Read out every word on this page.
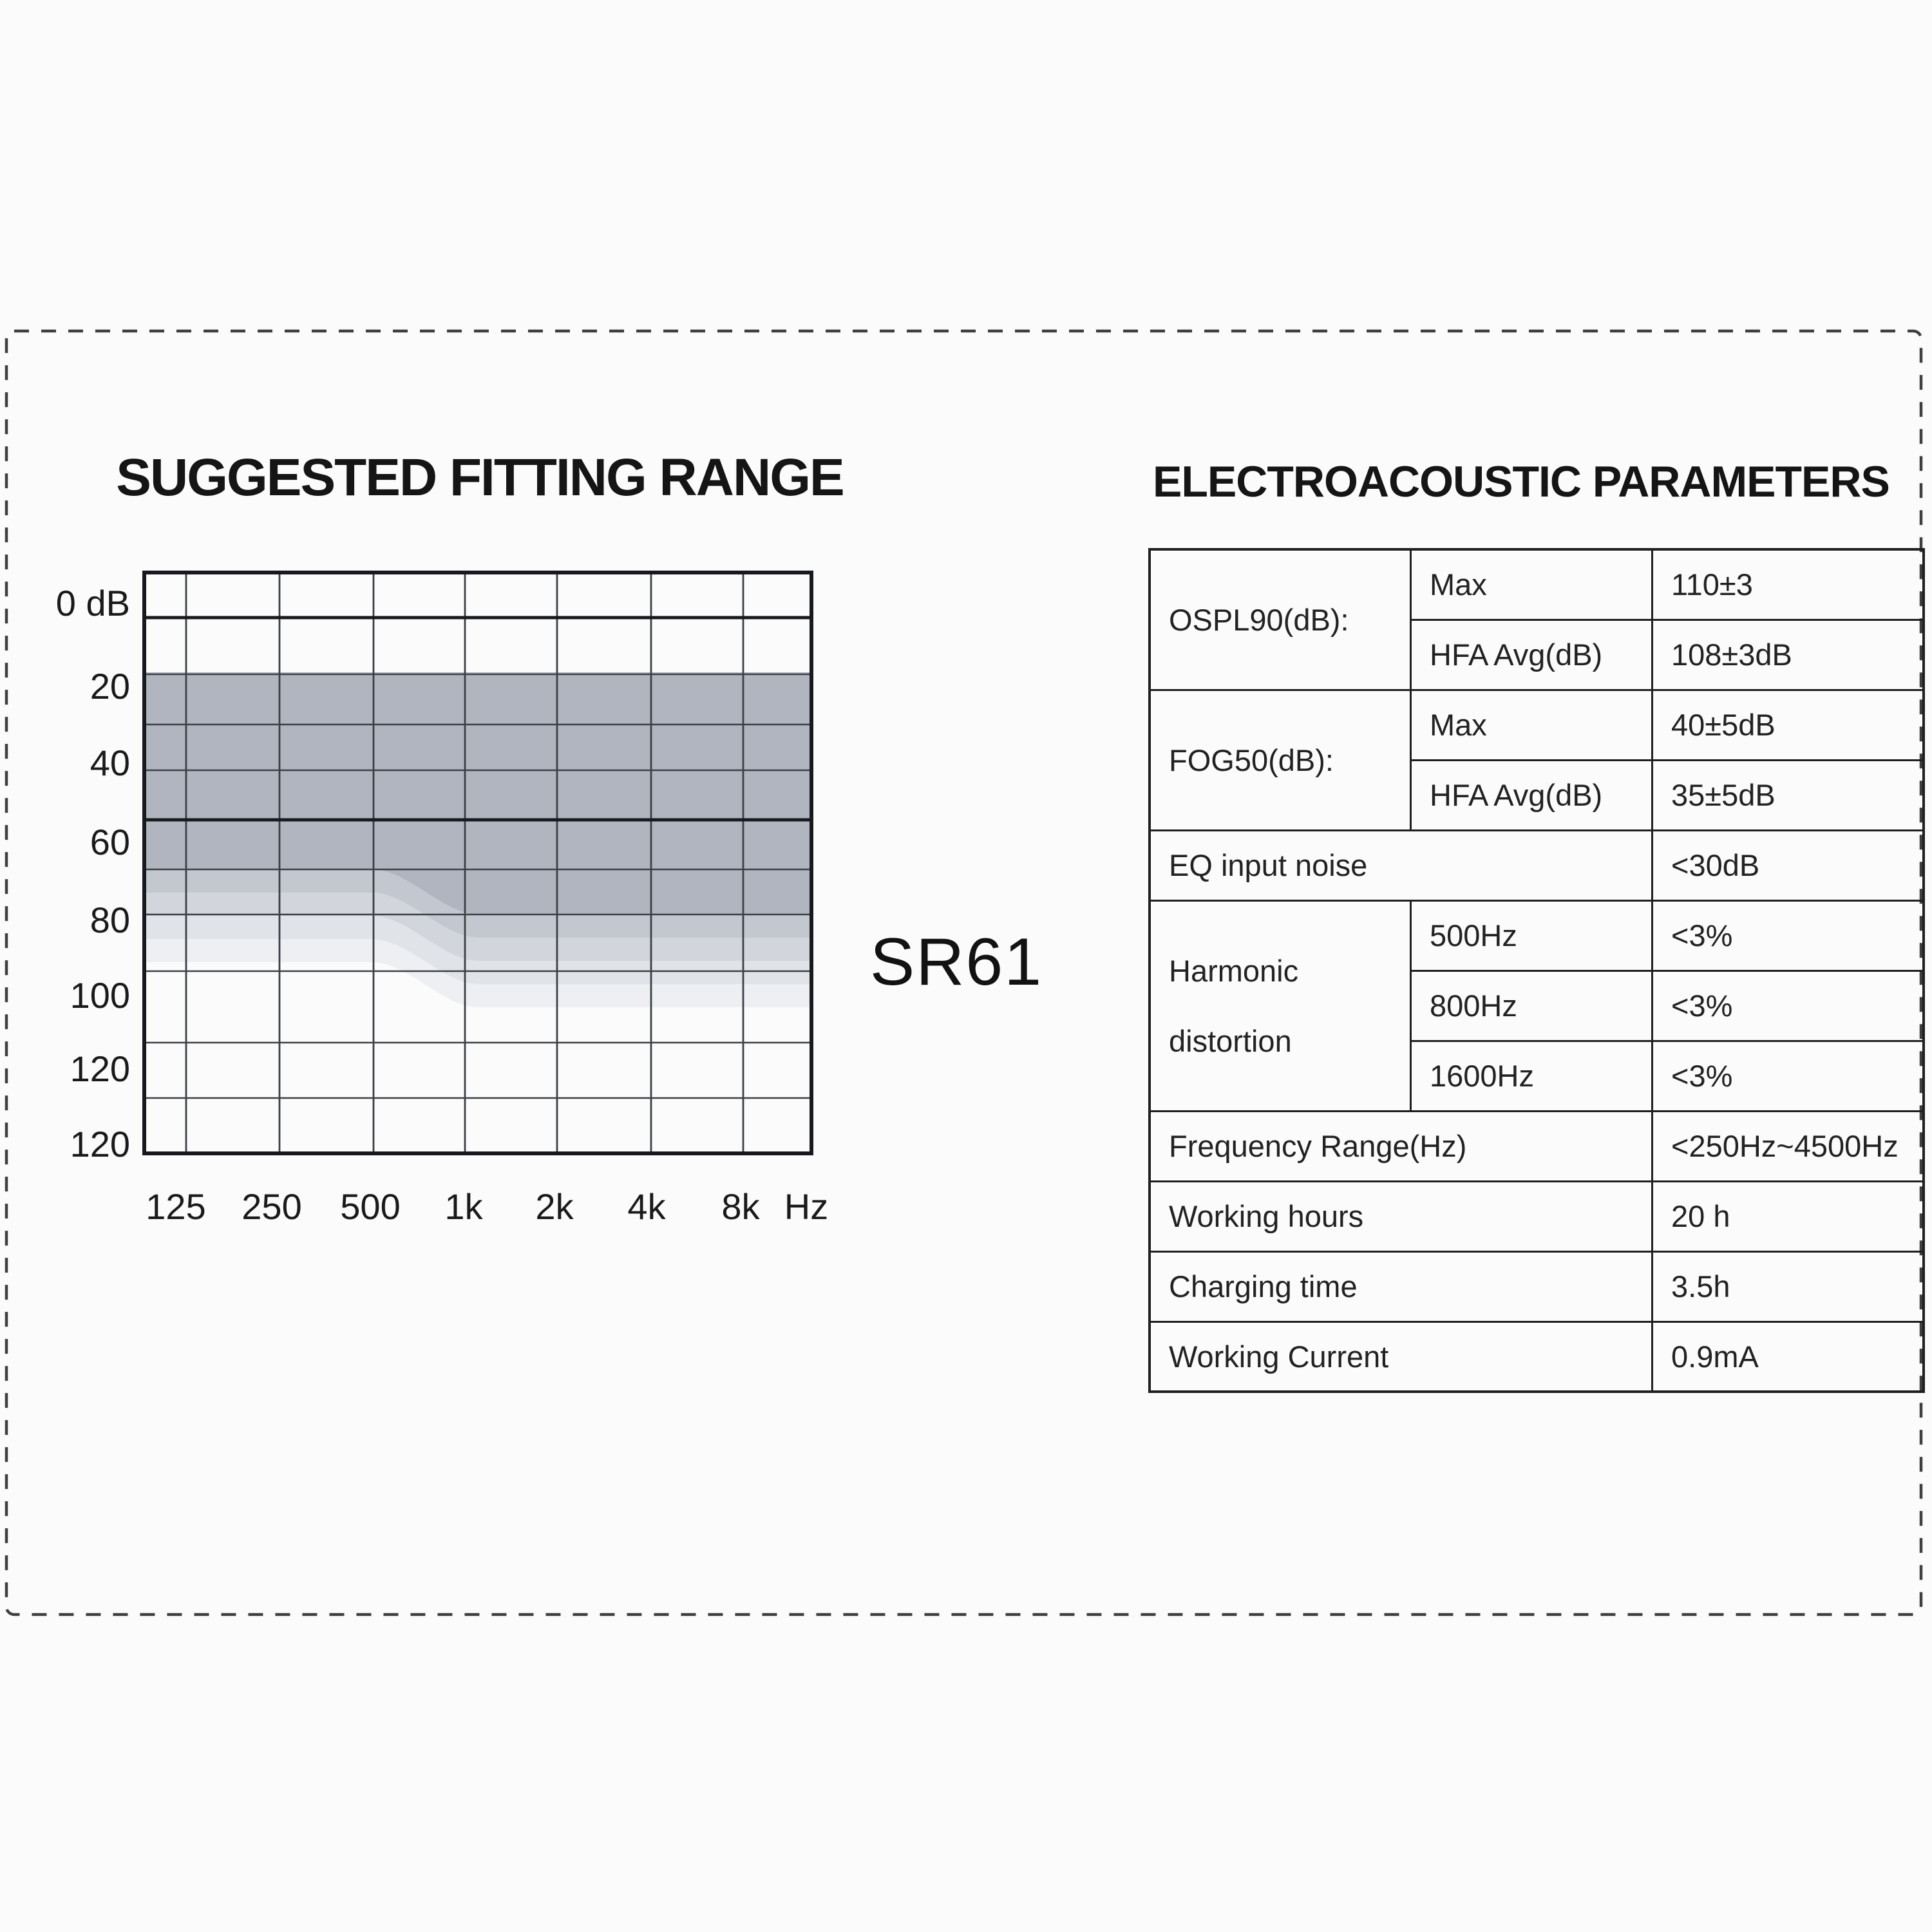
0 dB
20
40
60
80
100
120
120
125 250 500 1k 2k 4k 8k Hz
SUGGESTED FITTING RANGE	ELECTROACOUSTIC PARAMETERS
SR61
OSPL90(dB):	Max	110±3
	HFA Avg(dB)	108±3dB
FOG50(dB):	Max	40±5dB
	HFA Avg(dB)	35±5dB
EQ input noise		<30dB
Harmonic
distortion	500Hz	<3%
	800Hz	<3%
	1600Hz	<3%
Frequency Range(Hz)		<250Hz~4500Hz
Working hours		20 h
Charging time		3.5h
Working Current		0.9mA
